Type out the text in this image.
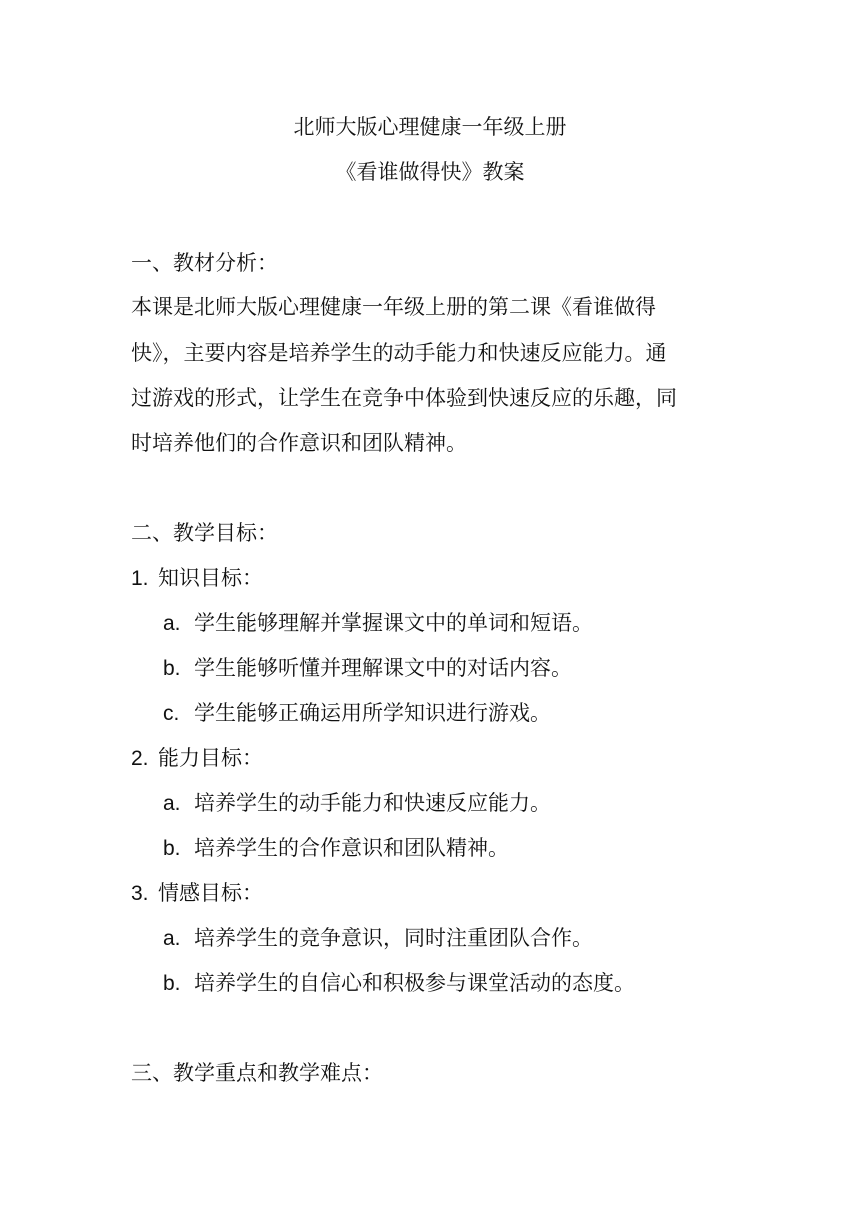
北师大版心理健康一年级上册
《看谁做得快》教案
一、教材分析：
本课是北师大版心理健康一年级上册的第二课《看谁做得
快》，主要内容是培养学生的动手能力和快速反应能力。通
过游戏的形式，让学生在竞争中体验到快速反应的乐趣，同
时培养他们的合作意识和团队精神。
二、教学目标：
1. 知识目标：
a. 学生能够理解并掌握课文中的单词和短语。
b. 学生能够听懂并理解课文中的对话内容。
c. 学生能够正确运用所学知识进行游戏。
2. 能力目标：
a. 培养学生的动手能力和快速反应能力。
b. 培养学生的合作意识和团队精神。
3. 情感目标：
a. 培养学生的竞争意识，同时注重团队合作。
b. 培养学生的自信心和积极参与课堂活动的态度。
三、教学重点和教学难点：
